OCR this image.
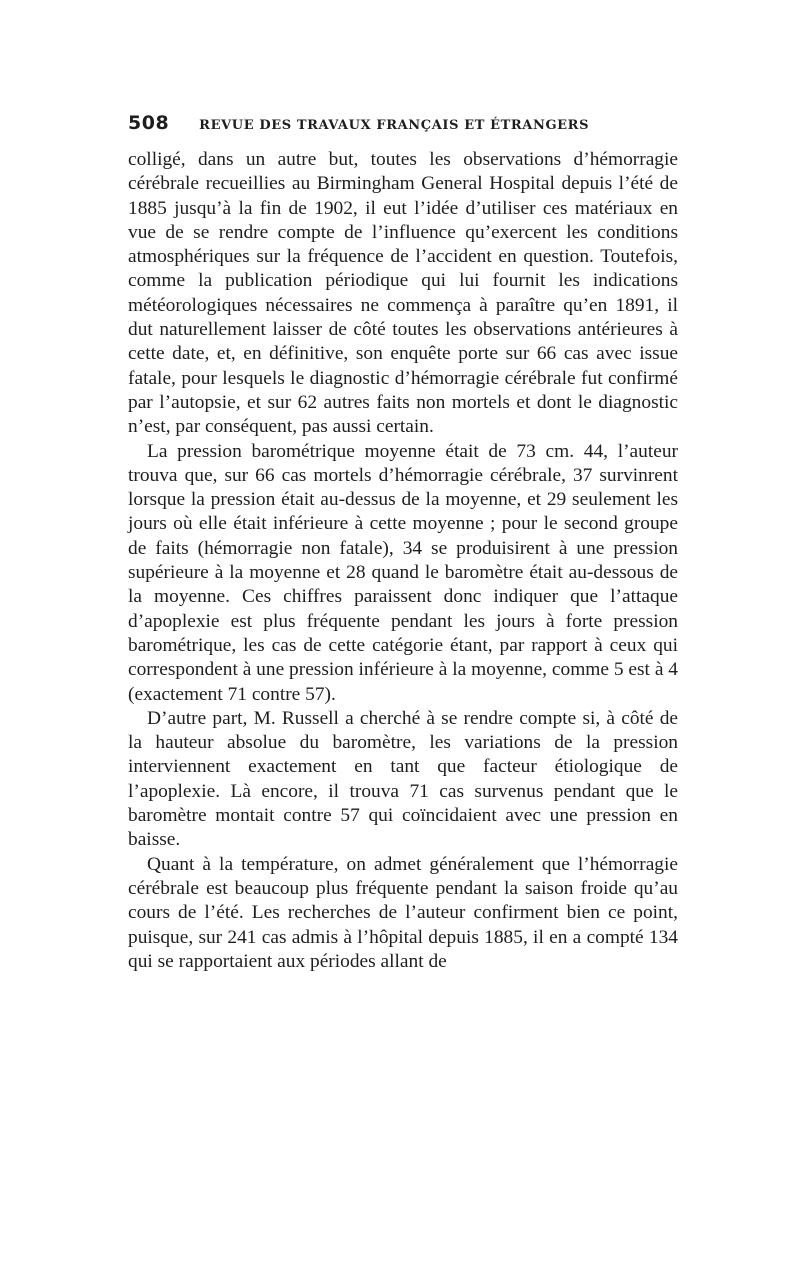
508 REVUE DES TRAVAUX FRANÇAIS ET ÉTRANGERS

colligé, dans un autre but, toutes les observations d’hémorragie cérébrale recueillies au Birmingham General Hospital depuis l’été de 1885 jusqu’à la fin de 1902, il eut l’idée d’utiliser ces matériaux en vue de se rendre compte de l’influence qu’exercent les conditions atmosphériques sur la fréquence de l’accident en question. Toutefois, comme la publication périodique qui lui fournit les indications météorologiques nécessaires ne commença à paraître qu’en 1891, il dut naturellement laisser de côté toutes les observations antérieures à cette date, et, en définitive, son enquête porte sur 66 cas avec issue fatale, pour lesquels le diagnostic d’hémorragie cérébrale fut confirmé par l’autopsie, et sur 62 autres faits non mortels et dont le diagnostic n’est, par conséquent, pas aussi certain.

La pression barométrique moyenne était de 73 cm. 44, l’auteur trouva que, sur 66 cas mortels d’hémorragie cérébrale, 37 survinrent lorsque la pression était au-dessus de la moyenne, et 29 seulement les jours où elle était inférieure à cette moyenne ; pour le second groupe de faits (hémorragie non fatale), 34 se produisirent à une pression supérieure à la moyenne et 28 quand le baromètre était au-dessous de la moyenne. Ces chiffres paraissent donc indiquer que l’attaque d’apoplexie est plus fréquente pendant les jours à forte pression barométrique, les cas de cette catégorie étant, par rapport à ceux qui correspondent à une pression inférieure à la moyenne, comme 5 est à 4 (exactement 71 contre 57).

D’autre part, M. Russell a cherché à se rendre compte si, à côté de la hauteur absolue du baromètre, les variations de la pression interviennent exactement en tant que facteur étiologique de l’apoplexie. Là encore, il trouva 71 cas survenus pendant que le baromètre montait contre 57 qui coïncidaient avec une pression en baisse.

Quant à la température, on admet généralement que l’hémorragie cérébrale est beaucoup plus fréquente pendant la saison froide qu’au cours de l’été. Les recherches de l’auteur confirment bien ce point, puisque, sur 241 cas admis à l’hôpital depuis 1885, il en a compté 134 qui se rapportaient aux périodes allant de
